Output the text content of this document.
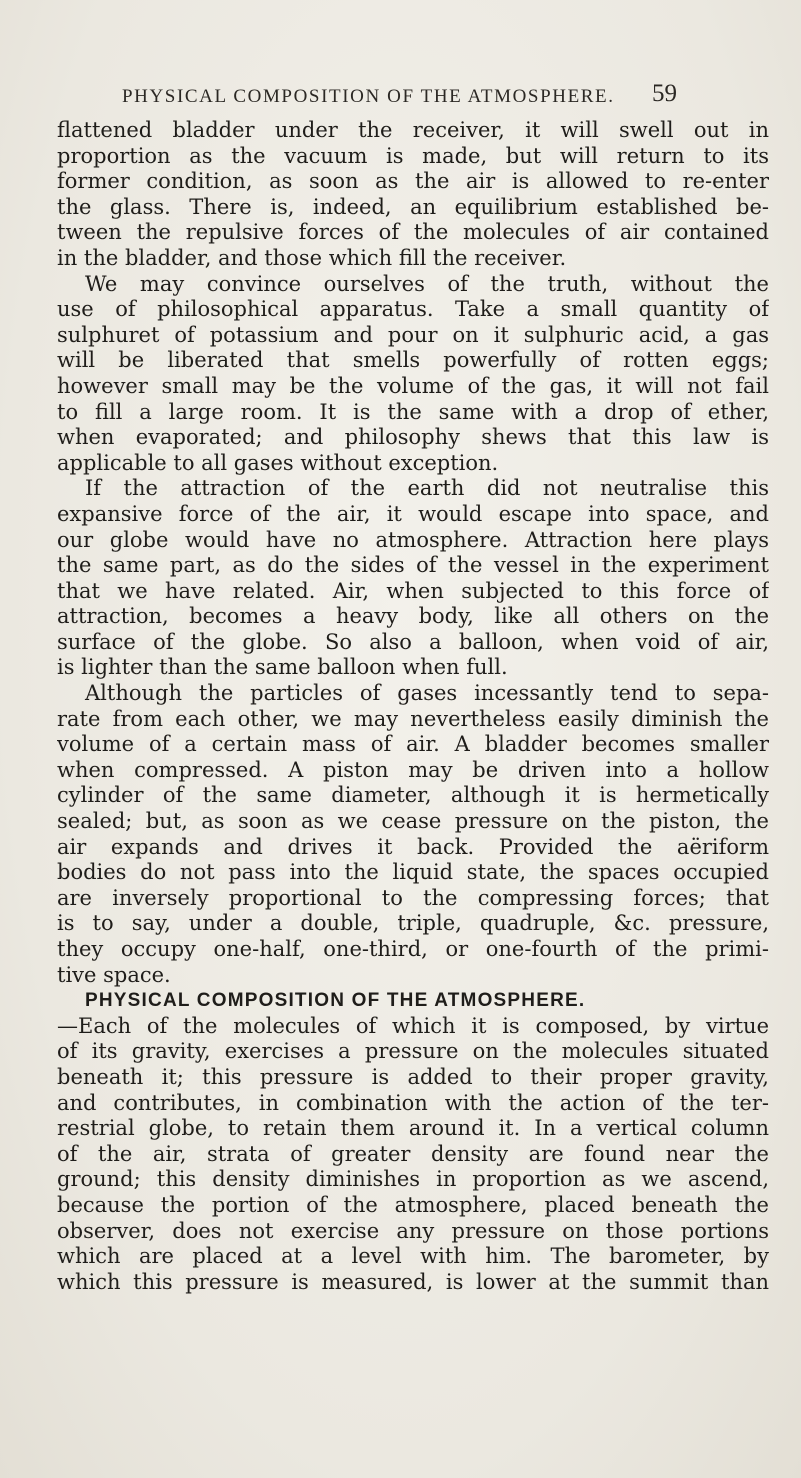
PHYSICAL COMPOSITION OF THE ATMOSPHERE. 59
flattened bladder under the receiver, it will swell out in
proportion as the vacuum is made, but will return to its
former condition, as soon as the air is allowed to re-enter
the glass. There is, indeed, an equilibrium established be-
tween the repulsive forces of the molecules of air contained
in the bladder, and those which fill the receiver.
We may convince ourselves of the truth, without the
use of philosophical apparatus. Take a small quantity of
sulphuret of potassium and pour on it sulphuric acid, a gas
will be liberated that smells powerfully of rotten eggs;
however small may be the volume of the gas, it will not fail
to fill a large room. It is the same with a drop of ether,
when evaporated; and philosophy shews that this law is
applicable to all gases without exception.
If the attraction of the earth did not neutralise this
expansive force of the air, it would escape into space, and
our globe would have no atmosphere. Attraction here plays
the same part, as do the sides of the vessel in the experiment
that we have related. Air, when subjected to this force of
attraction, becomes a heavy body, like all others on the
surface of the globe. So also a balloon, when void of air,
is lighter than the same balloon when full.
Although the particles of gases incessantly tend to sepa-
rate from each other, we may nevertheless easily diminish the
volume of a certain mass of air. A bladder becomes smaller
when compressed. A piston may be driven into a hollow
cylinder of the same diameter, although it is hermetically
sealed; but, as soon as we cease pressure on the piston, the
air expands and drives it back. Provided the aëriform
bodies do not pass into the liquid state, the spaces occupied
are inversely proportional to the compressing forces; that
is to say, under a double, triple, quadruple, &c. pressure,
they occupy one-half, one-third, or one-fourth of the primi-
tive space.
PHYSICAL COMPOSITION OF THE ATMOSPHERE.
—Each of the molecules of which it is composed, by virtue
of its gravity, exercises a pressure on the molecules situated
beneath it; this pressure is added to their proper gravity,
and contributes, in combination with the action of the ter-
restrial globe, to retain them around it. In a vertical column
of the air, strata of greater density are found near the
ground; this density diminishes in proportion as we ascend,
because the portion of the atmosphere, placed beneath the
observer, does not exercise any pressure on those portions
which are placed at a level with him. The barometer, by
which this pressure is measured, is lower at the summit than
